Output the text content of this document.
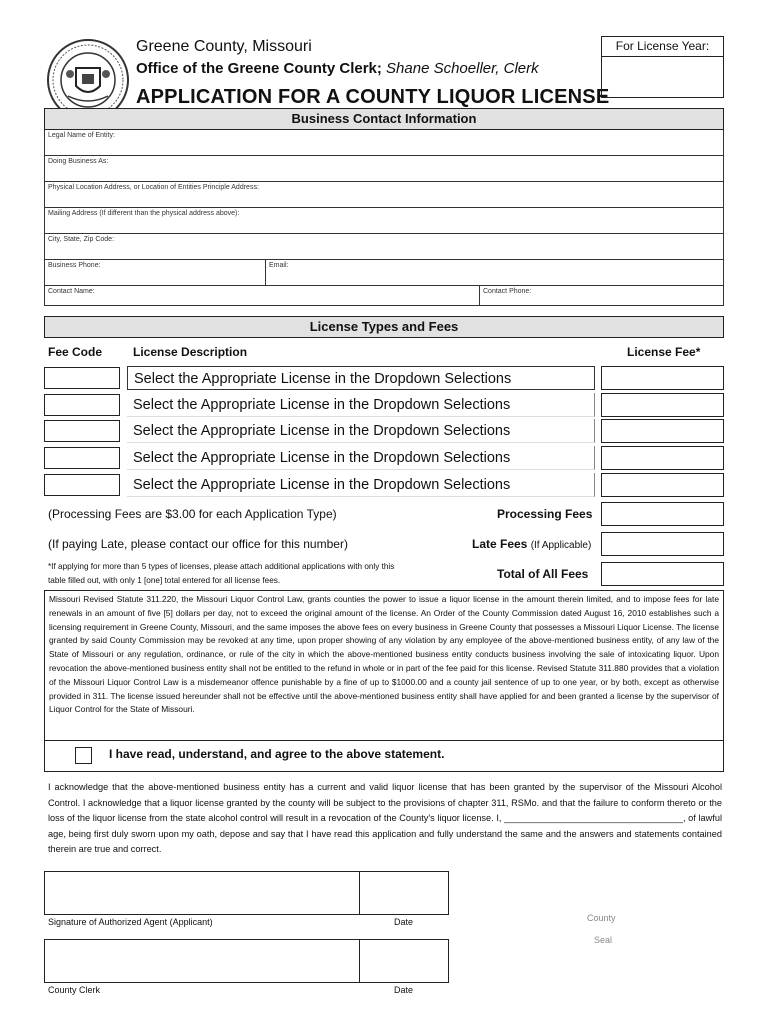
Greene County, Missouri
Office of the Greene County Clerk; Shane Schoeller, Clerk
APPLICATION FOR A COUNTY LIQUOR LICENSE
For License Year:
Business Contact Information
Legal Name of Entity:
Doing Business As:
Physical Location Address, or Location of Entities Principle Address:
Mailing Address (If different than the physical address above):
City, State, Zip Code:
Business Phone:	Email:
Contact Name:	Contact Phone:
License Types and Fees
Fee Code	License Description	License Fee*
Select the Appropriate License in the Dropdown Selections
Select the Appropriate License in the Dropdown Selections
Select the Appropriate License in the Dropdown Selections
Select the Appropriate License in the Dropdown Selections
Select the Appropriate License in the Dropdown Selections
(Processing Fees are $3.00 for each Application Type)	Processing Fees
(If paying Late, please contact our office for this number)	Late Fees (If Applicable)
*If applying for more than 5 types of licenses, please attach additional applications with only this
table filled out, with only 1 [one] total entered for all license fees.	Total of All Fees
Missouri Revised Statute 311.220, the Missouri Liquor Control Law, grants counties the power to issue a liquor license in the amount therein limited, and to impose fees for late renewals in an amount of five [5] dollars per day, not to exceed the original amount of the license. An Order of the County Commission dated August 16, 2010 establishes such a licensing requirement in Greene County, Missouri, and the same imposes the above fees on every business in Greene County that possesses a Missouri Liquor License. The license granted by said County Commission may be revoked at any time, upon proper showing of any violation by any employee of the above-mentioned business entity, of any law of the State of Missouri or any regulation, ordinance, or rule of the city in which the above-mentioned business entity conducts business involving the sale of intoxicating liquor. Upon revocation the above-mentioned business entity shall not be entitled to the refund in whole or in part of the fee paid for this license. Revised Statute 311.880 provides that a violation of the Missouri Liquor Control Law is a misdemeanor offence punishable by a fine of up to $1000.00 and a county jail sentence of up to one year, or by both, except as otherwise provided in 311. The license issued hereunder shall not be effective until the above-mentioned business entity shall have applied for and been granted a license by the supervisor of Liquor Control for the State of Missouri.
I have read, understand, and agree to the above statement.
I acknowledge that the above-mentioned business entity has a current and valid liquor license that has been granted by the supervisor of the Missouri Alcohol Control. I acknowledge that a liquor license granted by the county will be subject to the provisions of chapter 311, RSMo. and that the failure to conform thereto or the loss of the liquor license from the state alcohol control will result in a revocation of the County's liquor license. I, ___________________________________, of lawful age, being first duly sworn upon my oath, depose and say that I have read this application and fully understand the same and the answers and statements contained therein are true and correct.
Signature of Authorized Agent (Applicant)	Date	County
Seal
County Clerk	Date
